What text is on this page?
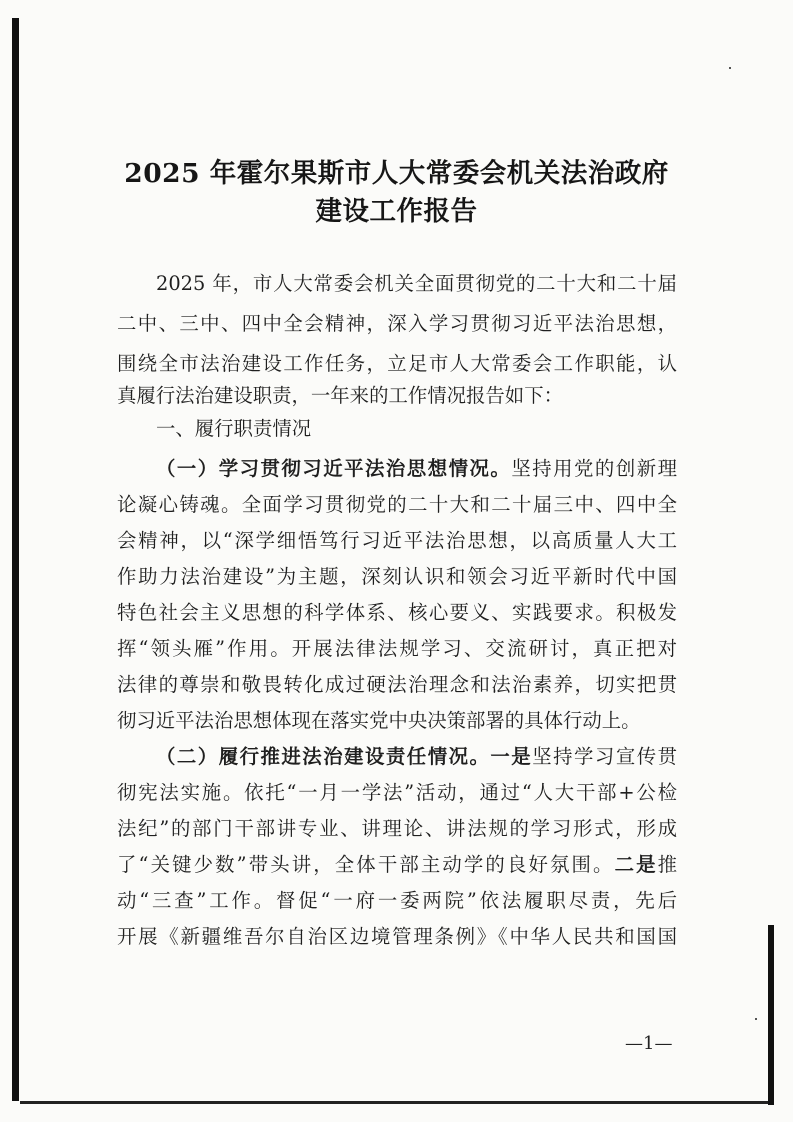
2025 年霍尔果斯市人大常委会机关法治政府
建设工作报告
2025 年，市人大常委会机关全面贯彻党的二十大和二十届
二中、三中、四中全会精神，深入学习贯彻习近平法治思想，
围绕全市法治建设工作任务，立足市人大常委会工作职能，认
真履行法治建设职责，一年来的工作情况报告如下：
一、履行职责情况
（一）学习贯彻习近平法治思想情况。坚持用党的创新理
论凝心铸魂。全面学习贯彻党的二十大和二十届三中、四中全
会精神，以“深学细悟笃行习近平法治思想，以高质量人大工
作助力法治建设”为主题，深刻认识和领会习近平新时代中国
特色社会主义思想的科学体系、核心要义、实践要求。积极发
挥“领头雁”作用。开展法律法规学习、交流研讨，真正把对
法律的尊崇和敬畏转化成过硬法治理念和法治素养，切实把贯
彻习近平法治思想体现在落实党中央决策部署的具体行动上。
（二）履行推进法治建设责任情况。一是坚持学习宣传贯
彻宪法实施。依托“一月一学法”活动，通过“人大干部+公检
法纪”的部门干部讲专业、讲理论、讲法规的学习形式，形成
了“关键少数”带头讲，全体干部主动学的良好氛围。二是推
动“三查”工作。督促“一府一委两院”依法履职尽责，先后
开展《新疆维吾尔自治区边境管理条例》《中华人民共和国国
—1—
